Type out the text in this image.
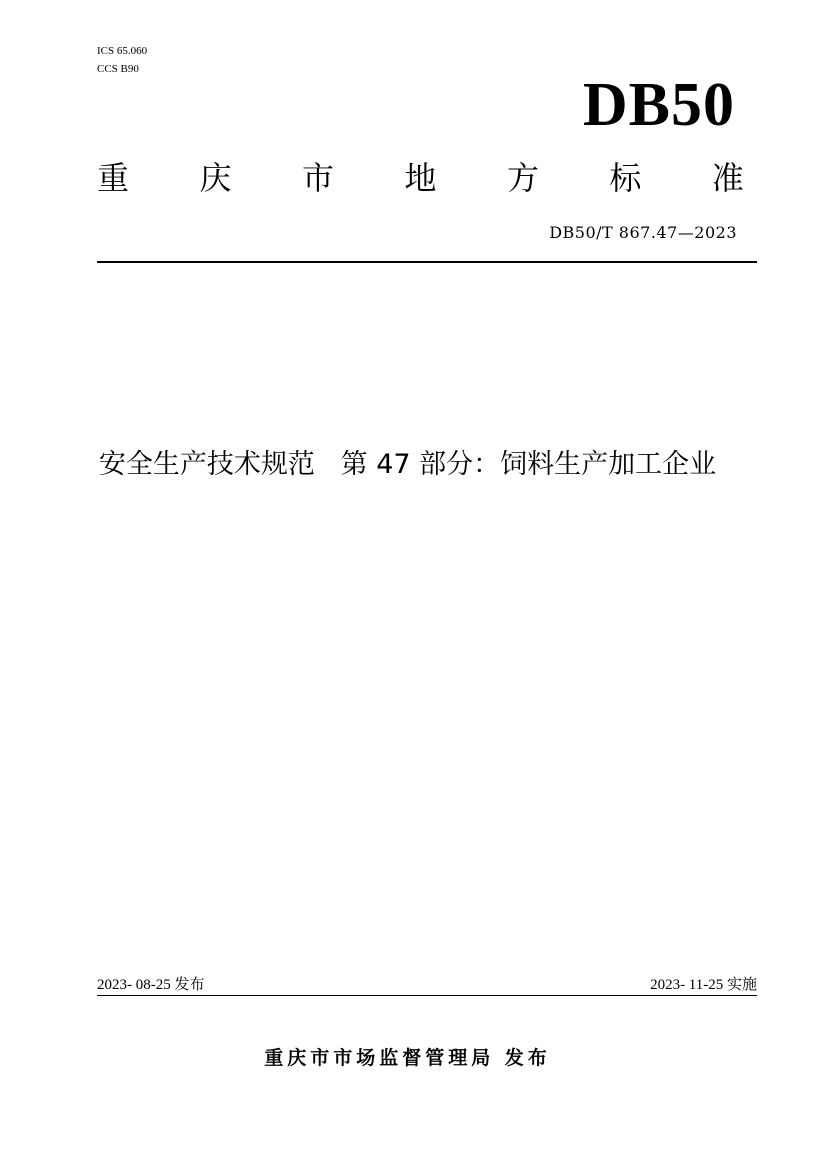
ICS 65.060
CCS B90
DB50
重 庆 市 地 方 标 准
DB50/T 867.47—2023
安全生产技术规范 第 47 部分：饲料生产加工企业
2023- 08-25 发布	2023- 11-25 实施
重庆市市场监督管理局 发布
